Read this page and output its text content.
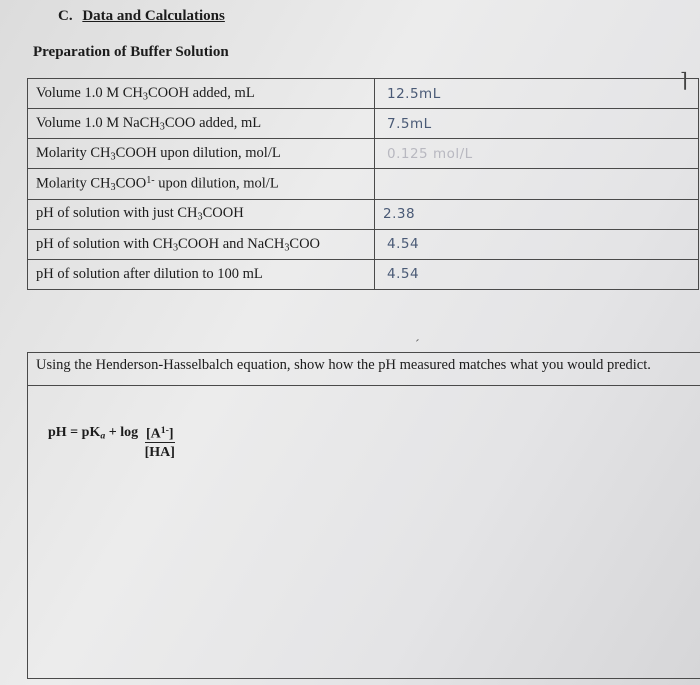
C. Data and Calculations
Preparation of Buffer Solution
⌉
Volume 1.0 M $CH_3COOH$ added, mL	12.5mL
Volume 1.0 M NaCH$_3$COO added, mL	7.5mL
Molarity $CH_3COOH$ upon dilution, mol/L	0.125 mol/L
Molarity $CH_3COO^{1-}$ upon dilution, mol/L	
pH of solution with just $CH_3COOH$	2.38
pH of solution with $CH_3COOH$ and NaCH$_3$COO	4.54
pH of solution after dilution to 100 mL	4.54
ˊ
Using the Henderson-Hasselbalch equation, show how the pH measured matches what you would predict.
pH = $pK_a + \log \frac{[A^{1-}]}{[HA]}$
